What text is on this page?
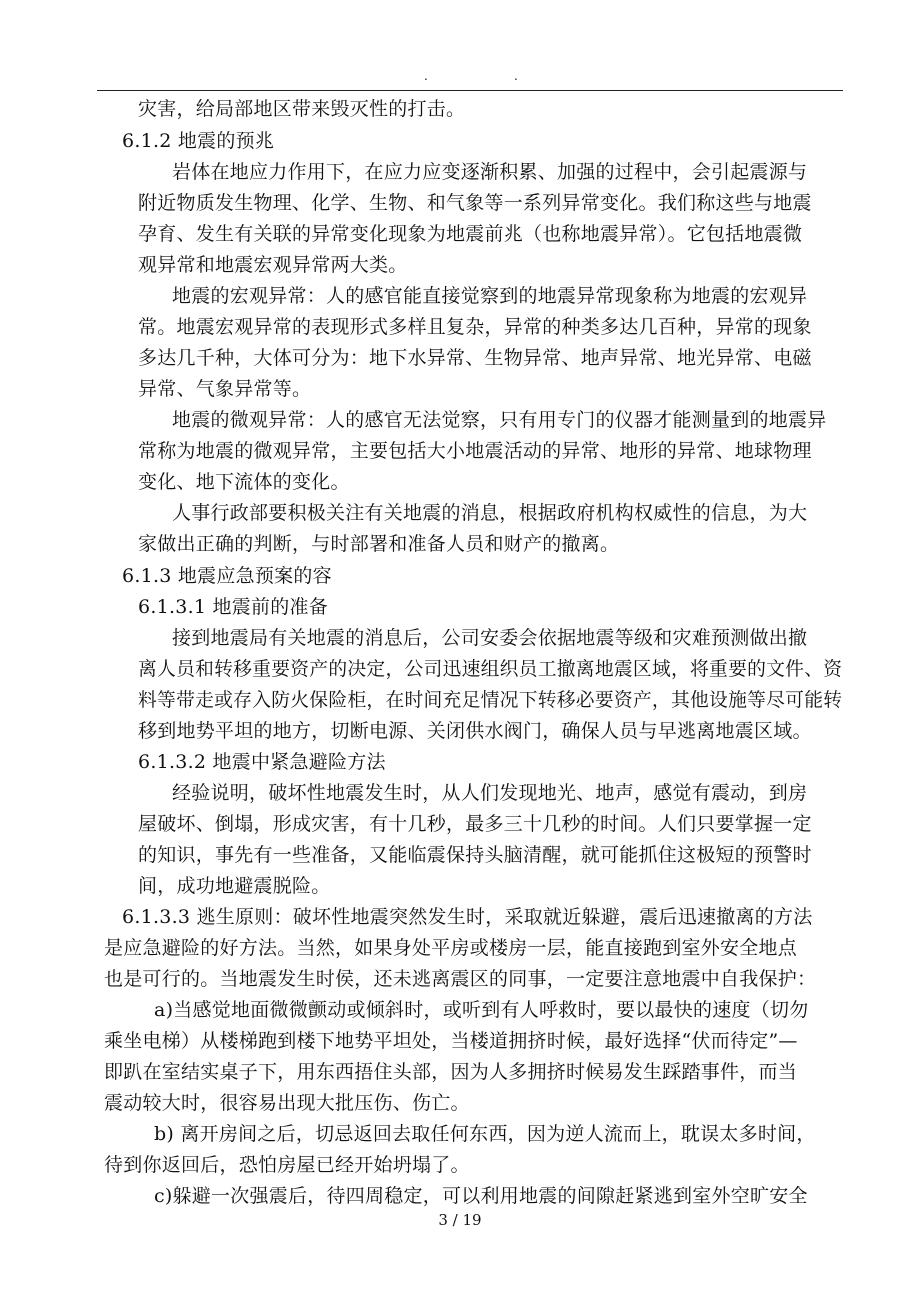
.	.

灾害，给局部地区带来毁灭性的打击。

6.1.2 地震的预兆

岩体在地应力作用下，在应力应变逐渐积累、加强的过程中，会引起震源与

附近物质发生物理、化学、生物、和气象等一系列异常变化。我们称这些与地震

孕育、发生有关联的异常变化现象为地震前兆（也称地震异常）。它包括地震微

观异常和地震宏观异常两大类。

地震的宏观异常：人的感官能直接觉察到的地震异常现象称为地震的宏观异

常。地震宏观异常的表现形式多样且复杂，异常的种类多达几百种，异常的现象

多达几千种，大体可分为：地下水异常、生物异常、地声异常、地光异常、电磁

异常、气象异常等。

地震的微观异常：人的感官无法觉察，只有用专门的仪器才能测量到的地震异

常称为地震的微观异常，主要包括大小地震活动的异常、地形的异常、地球物理

变化、地下流体的变化。

人事行政部要积极关注有关地震的消息，根据政府机构权威性的信息，为大

家做出正确的判断，与时部署和准备人员和财产的撤离。

6.1.3 地震应急预案的容

6.1.3.1 地震前的准备

接到地震局有关地震的消息后，公司安委会依据地震等级和灾难预测做出撤

离人员和转移重要资产的决定，公司迅速组织员工撤离地震区域，将重要的文件、资

料等带走或存入防火保险柜，在时间充足情况下转移必要资产，其他设施等尽可能转

移到地势平坦的地方，切断电源、关闭供水阀门，确保人员与早逃离地震区域。

6.1.3.2 地震中紧急避险方法

经验说明，破坏性地震发生时，从人们发现地光、地声，感觉有震动，到房

屋破坏、倒塌，形成灾害，有十几秒，最多三十几秒的时间。人们只要掌握一定

的知识，事先有一些准备，又能临震保持头脑清醒，就可能抓住这极短的预警时

间，成功地避震脱险。

6.1.3.3 逃生原则：破坏性地震突然发生时，采取就近躲避，震后迅速撤离的方法

是应急避险的好方法。当然，如果身处平房或楼房一层，能直接跑到室外安全地点

也是可行的。当地震发生时侯，还未逃离震区的同事，一定要注意地震中自我保护：

a)当感觉地面微微颤动或倾斜时，或听到有人呼救时，要以最快的速度（切勿

乘坐电梯）从楼梯跑到楼下地势平坦处，当楼道拥挤时候，最好选择“伏而待定”—

即趴在室结实桌子下，用东西捂住头部，因为人多拥挤时候易发生踩踏事件，而当

震动较大时，很容易出现大批压伤、伤亡。

b) 离开房间之后，切忌返回去取任何东西，因为逆人流而上，耽误太多时间，

待到你返回后，恐怕房屋已经开始坍塌了。

c)躲避一次强震后，待四周稳定，可以利用地震的间隙赶紧逃到室外空旷安全

3 / 19
